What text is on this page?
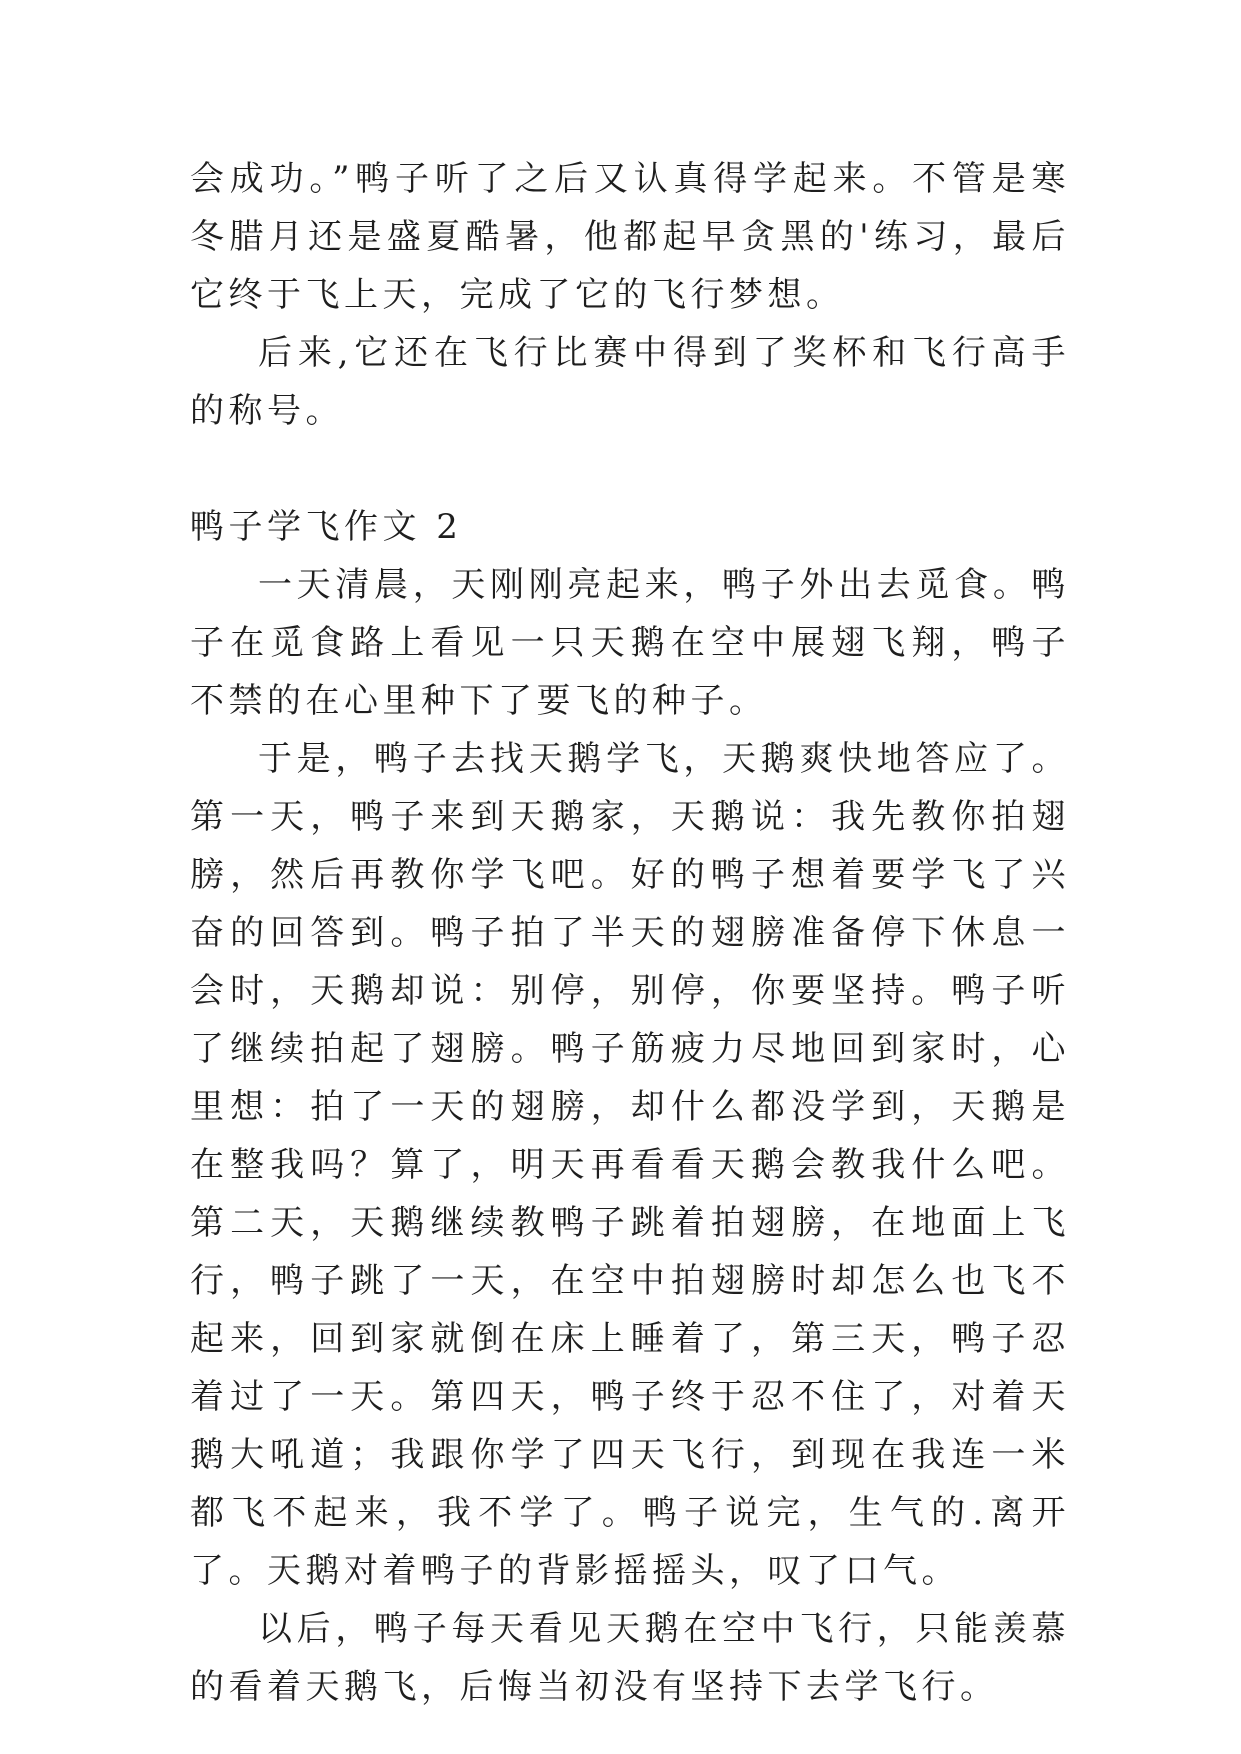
会成功。”鸭子听了之后又认真得学起来。不管是寒冬腊月还是盛夏酷暑，他都起早贪黑的'练习，最后它终于飞上天，完成了它的飞行梦想。

后来,它还在飞行比赛中得到了奖杯和飞行高手的称号。

鸭子学飞作文 2

一天清晨，天刚刚亮起来，鸭子外出去觅食。鸭子在觅食路上看见一只天鹅在空中展翅飞翔，鸭子不禁的在心里种下了要飞的种子。

于是，鸭子去找天鹅学飞，天鹅爽快地答应了。第一天，鸭子来到天鹅家，天鹅说：我先教你拍翅膀，然后再教你学飞吧。好的鸭子想着要学飞了兴奋的回答到。鸭子拍了半天的翅膀准备停下休息一会时，天鹅却说：别停，别停，你要坚持。鸭子听了继续拍起了翅膀。鸭子筋疲力尽地回到家时，心里想：拍了一天的翅膀，却什么都没学到，天鹅是在整我吗？算了，明天再看看天鹅会教我什么吧。第二天，天鹅继续教鸭子跳着拍翅膀，在地面上飞行，鸭子跳了一天，在空中拍翅膀时却怎么也飞不起来，回到家就倒在床上睡着了，第三天，鸭子忍着过了一天。第四天，鸭子终于忍不住了，对着天鹅大吼道；我跟你学了四天飞行，到现在我连一米都飞不起来，我不学了。鸭子说完，生气的.离开了。天鹅对着鸭子的背影摇摇头，叹了口气。

以后，鸭子每天看见天鹅在空中飞行，只能羡慕的看着天鹅飞，后悔当初没有坚持下去学飞行。
